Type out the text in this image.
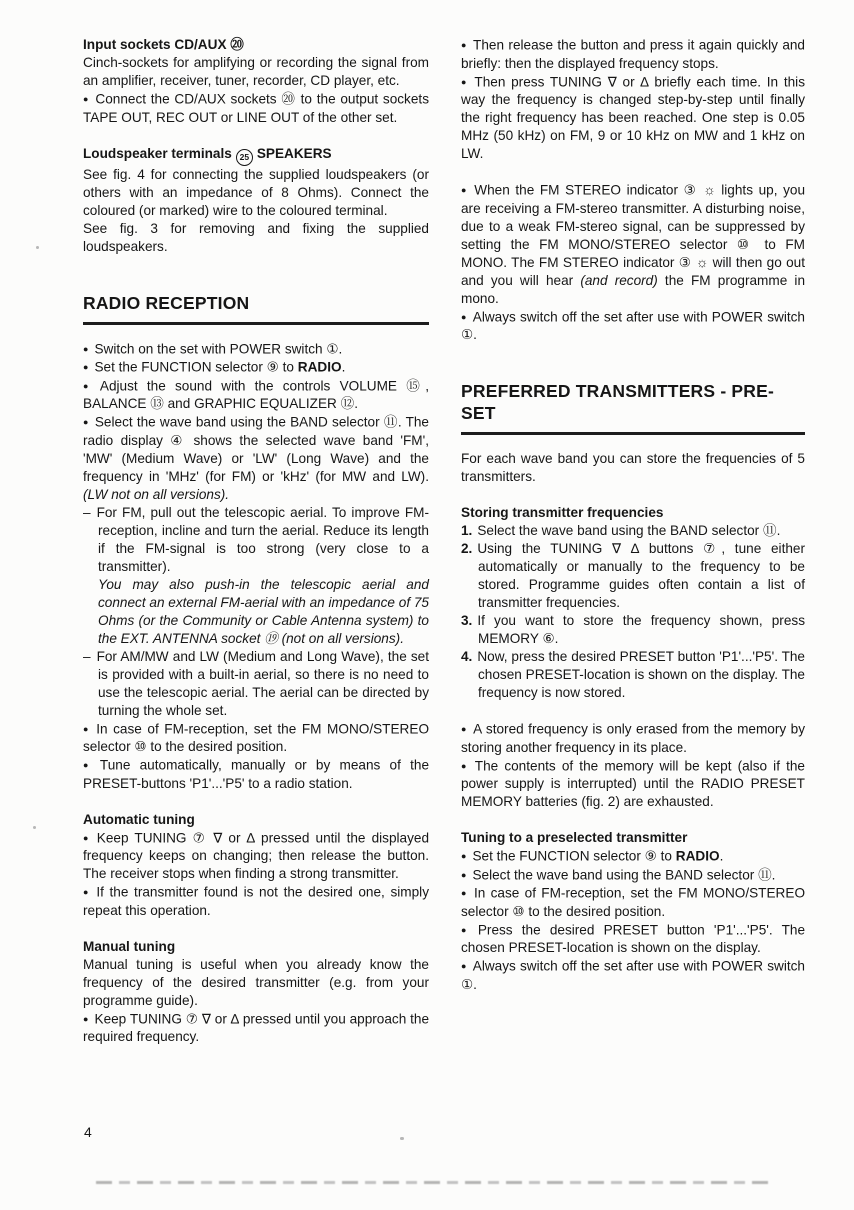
Input sockets CD/AUX ⑳
Cinch-sockets for amplifying or recording the signal from an amplifier, receiver, tuner, recorder, CD player, etc.
● Connect the CD/AUX sockets ⑳ to the output sockets TAPE OUT, REC OUT or LINE OUT of the other set.
Loudspeaker terminals 25 SPEAKERS
See fig. 4 for connecting the supplied loudspeakers (or others with an impedance of 8 Ohms). Connect the coloured (or marked) wire to the coloured terminal.
See fig. 3 for removing and fixing the supplied loudspeakers.
RADIO RECEPTION
● Switch on the set with POWER switch ①.
● Set the FUNCTION selector ⑨ to RADIO.
● Adjust the sound with the controls VOLUME ⑮, BALANCE ⑬ and GRAPHIC EQUALIZER ⑫.
● Select the wave band using the BAND selector ⑪. The radio display ④ shows the selected wave band 'FM', 'MW' (Medium Wave) or 'LW' (Long Wave) and the frequency in 'MHz' (for FM) or 'kHz' (for MW and LW). (LW not on all versions).
– For FM, pull out the telescopic aerial. To improve FM-reception, incline and turn the aerial. Reduce its length if the FM-signal is too strong (very close to a transmitter).
You may also push-in the telescopic aerial and connect an external FM-aerial with an impedance of 75 Ohms (or the Community or Cable Antenna system) to the EXT. ANTENNA socket ⑲ (not on all versions).
– For AM/MW and LW (Medium and Long Wave), the set is provided with a built-in aerial, so there is no need to use the telescopic aerial. The aerial can be directed by turning the whole set.
● In case of FM-reception, set the FM MONO/STEREO selector ⑩ to the desired position.
● Tune automatically, manually or by means of the PRESET-buttons 'P1'...'P5' to a radio station.
Automatic tuning
● Keep TUNING ⑦ ∇ or ∆ pressed until the displayed frequency keeps on changing; then release the button. The receiver stops when finding a strong transmitter.
● If the transmitter found is not the desired one, simply repeat this operation.
Manual tuning
Manual tuning is useful when you already know the frequency of the desired transmitter (e.g. from your programme guide).
● Keep TUNING ⑦ ∇ or ∆ pressed until you approach the required frequency.
● Then release the button and press it again quickly and briefly: then the displayed frequency stops.
● Then press TUNING ∇ or ∆ briefly each time. In this way the frequency is changed step-by-step until finally the right frequency has been reached. One step is 0.05 MHz (50 kHz) on FM, 9 or 10 kHz on MW and 1 kHz on LW.
● When the FM STEREO indicator ③ ☼ lights up, you are receiving a FM-stereo transmitter. A disturbing noise, due to a weak FM-stereo signal, can be suppressed by setting the FM MONO/STEREO selector ⑩ to FM MONO. The FM STEREO indicator ③ ☼ will then go out and you will hear (and record) the FM programme in mono.
● Always switch off the set after use with POWER switch ①.
PREFERRED TRANSMITTERS - PRE-SET
For each wave band you can store the frequencies of 5 transmitters.
Storing transmitter frequencies
1. Select the wave band using the BAND selector ⑪.
2. Using the TUNING ∇ ∆ buttons ⑦, tune either automatically or manually to the frequency to be stored. Programme guides often contain a list of transmitter frequencies.
3. If you want to store the frequency shown, press MEMORY ⑥.
4. Now, press the desired PRESET button 'P1'...'P5'. The chosen PRESET-location is shown on the display. The frequency is now stored.
● A stored frequency is only erased from the memory by storing another frequency in its place.
● The contents of the memory will be kept (also if the power supply is interrupted) until the RADIO PRESET MEMORY batteries (fig. 2) are exhausted.
Tuning to a preselected transmitter
● Set the FUNCTION selector ⑨ to RADIO.
● Select the wave band using the BAND selector ⑪.
● In case of FM-reception, set the FM MONO/STEREO selector ⑩ to the desired position.
● Press the desired PRESET button 'P1'...'P5'. The chosen PRESET-location is shown on the display.
● Always switch off the set after use with POWER switch ①.
4
